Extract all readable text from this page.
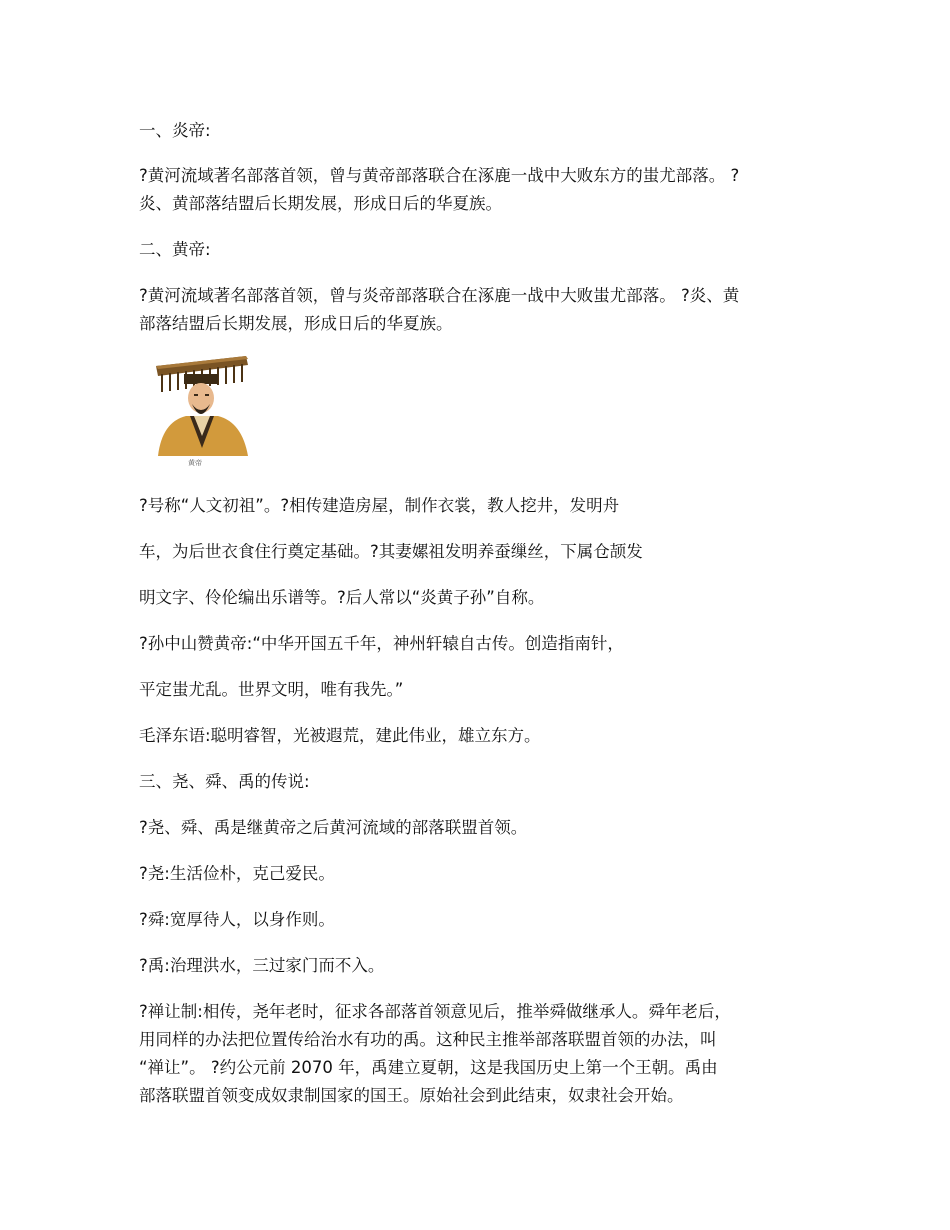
一、炎帝:
?黄河流域著名部落首领，曾与黄帝部落联合在涿鹿一战中大败东方的蚩尤部落。 ?
炎、黄部落结盟后长期发展，形成日后的华夏族。
二、黄帝:
?黄河流域著名部落首领，曾与炎帝部落联合在涿鹿一战中大败蚩尤部落。 ?炎、黄
部落结盟后长期发展，形成日后的华夏族。
黄帝
?号称“人文初祖”。?相传建造房屋，制作衣裳，教人挖井，发明舟
车，为后世衣食住行奠定基础。?其妻嫘祖发明养蚕缫丝，下属仓颉发
明文字、伶伦编出乐谱等。?后人常以“炎黄子孙”自称。
?孙中山赞黄帝:“中华开国五千年，神州轩辕自古传。创造指南针，
平定蚩尤乱。世界文明，唯有我先。”
毛泽东语:聪明睿智，光被遐荒，建此伟业，雄立东方。
三、尧、舜、禹的传说:
?尧、舜、禹是继黄帝之后黄河流域的部落联盟首领。
?尧:生活俭朴，克己爱民。
?舜:宽厚待人，以身作则。
?禹:治理洪水，三过家门而不入。
?禅让制:相传，尧年老时，征求各部落首领意见后，推举舜做继承人。舜年老后，
用同样的办法把位置传给治水有功的禹。这种民主推举部落联盟首领的办法，叫
“禅让”。 ?约公元前 2070 年，禹建立夏朝，这是我国历史上第一个王朝。禹由
部落联盟首领变成奴隶制国家的国王。原始社会到此结束，奴隶社会开始。
